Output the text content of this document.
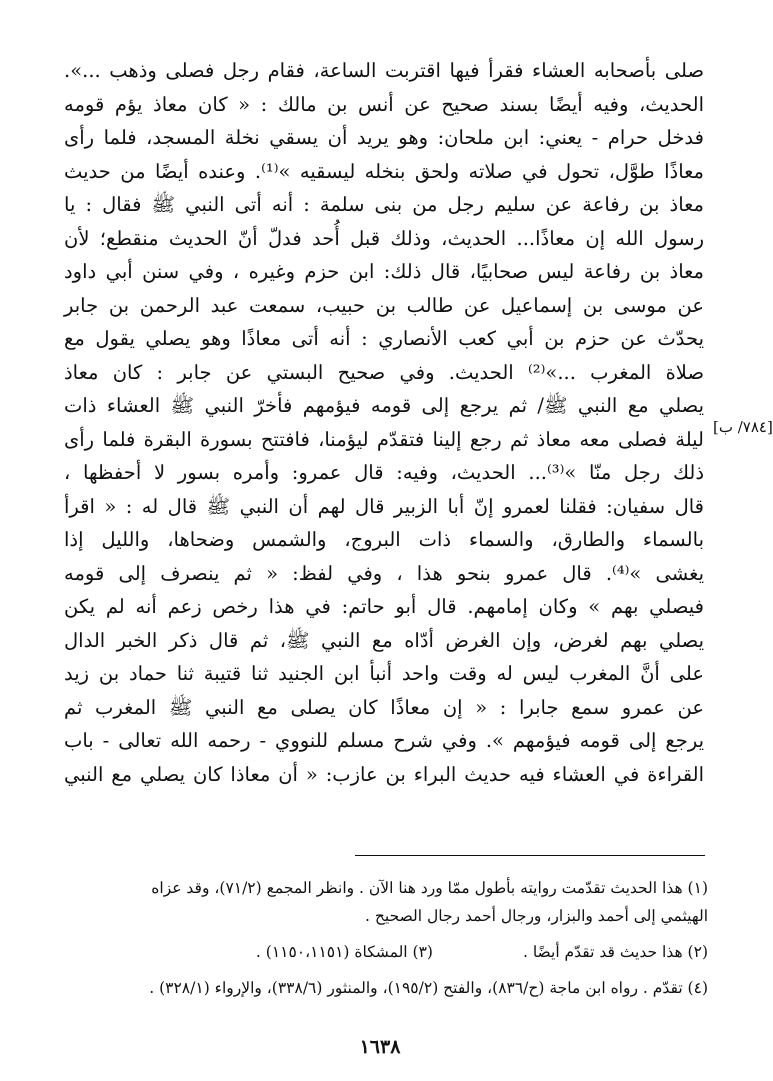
صلى بأصحابه العشاء فقرأ فيها اقتربت الساعة، فقام رجل فصلى وذهب ...».
الحديث، وفيه أيضًا بسند صحيح عن أنس بن مالك : « كان معاذ يؤم قومه
فدخل حرام - يعني: ابن ملحان: وهو يريد أن يسقي نخلة المسجد، فلما رأى
معاذًا طوَّل، تحول في صلاته ولحق بنخله ليسقيه »⁽¹⁾. وعنده أيضًا من حديث
معاذ بن رفاعة عن سليم رجل من بنى سلمة : أنه أتى النبي ﷺ فقال : يا
رسول الله إن معاذًا... الحديث، وذلك قبل أُحد فدلّ أنّ الحديث منقطع؛ لأن
معاذ بن رفاعة ليس صحابيًا، قال ذلك: ابن حزم وغيره ، وفي سنن أبي داود
عن موسى بن إسماعيل عن طالب بن حبيب، سمعت عبد الرحمن بن جابر
يحدّث عن حزم بن أبي كعب الأنصاري : أنه أتى معاذًا وهو يصلي يقول مع
صلاة المغرب ...»⁽²⁾ الحديث. وفي صحيح البستي عن جابر : كان معاذ
يصلي مع النبي ﷺ/ ثم يرجع إلى قومه فيؤمهم فأخرّ النبي ﷺ العشاء ذات
ليلة فصلى معه معاذ ثم رجع إلينا فتقدّم ليؤمنا، فافتتح بسورة البقرة فلما رأى
ذلك رجل منّا »⁽³⁾... الحديث، وفيه: قال عمرو: وأمره بسور لا أحفظها ،
قال سفيان: فقلنا لعمرو إنّ أبا الزبير قال لهم أن النبي ﷺ قال له : « اقرأ
بالسماء والطارق، والسماء ذات البروج، والشمس وضحاها، والليل إذا
يغشى »⁽⁴⁾. قال عمرو بنحو هذا ، وفي لفظ: « ثم ينصرف إلى قومه
فيصلي بهم » وكان إمامهم. قال أبو حاتم: في هذا رخص زعم أنه لم يكن
يصلي بهم لغرض، وإن الغرض أدّاه مع النبي ﷺ، ثم قال ذكر الخبر الدال
على أنَّ المغرب ليس له وقت واحد أنبأ ابن الجنيد ثنا قتيبة ثنا حماد بن زيد
عن عمرو سمع جابرا : « إن معاذًا كان يصلى مع النبي ﷺ المغرب ثم
يرجع إلى قومه فيؤمهم ». وفي شرح مسلم للنووي - رحمه الله تعالى - باب
القراءة في العشاء فيه حديث البراء بن عازب: « أن معاذا كان يصلي مع النبي
[٧٨٤/ ب]
(١) هذا الحديث تقدّمت روايته بأطول ممّا ورد هنا الآن . وانظر المجمع (٧١/٢)، وقد عزاه
الهيثمي إلى أحمد والبزار، ورجال أحمد رجال الصحيح .
(٢) هذا حديث قد تقدّم أيضًا .
(٣) المشكاة (١١٥٠،١١٥١) .
(٤) تقدّم . رواه ابن ماجة (ح/٨٣٦)، والفتح (١٩٥/٢)، والمنثور (٣٣٨/٦)، والإرواء (٣٢٨/١) .
١٦٣٨
